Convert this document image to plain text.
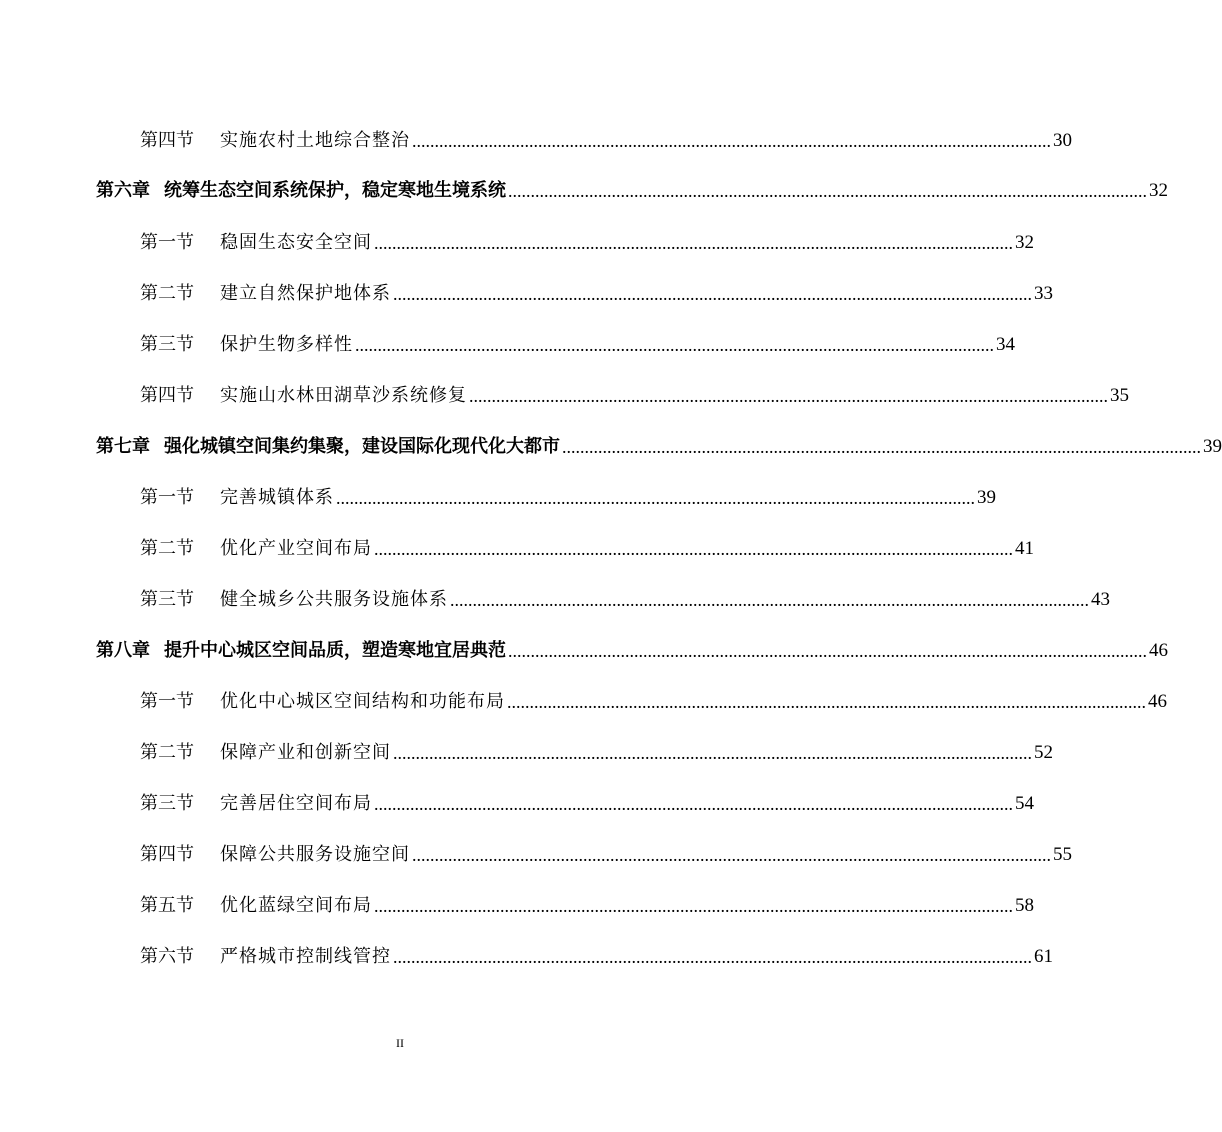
第四节 实施农村土地综合整治 .............................................................................................................................................. 30
第六章 统筹生态空间系统保护，稳定寒地生境系统 .............................................................................................................................................. 32
第一节 稳固生态安全空间 .............................................................................................................................................. 32
第二节 建立自然保护地体系 .............................................................................................................................................. 33
第三节 保护生物多样性 .............................................................................................................................................. 34
第四节 实施山水林田湖草沙系统修复 .............................................................................................................................................. 35
第七章 强化城镇空间集约集聚，建设国际化现代化大都市 .............................................................................................................................................. 39
第一节 完善城镇体系 .............................................................................................................................................. 39
第二节 优化产业空间布局 .............................................................................................................................................. 41
第三节 健全城乡公共服务设施体系 .............................................................................................................................................. 43
第八章 提升中心城区空间品质，塑造寒地宜居典范 .............................................................................................................................................. 46
第一节 优化中心城区空间结构和功能布局 .............................................................................................................................................. 46
第二节 保障产业和创新空间 .............................................................................................................................................. 52
第三节 完善居住空间布局 .............................................................................................................................................. 54
第四节 保障公共服务设施空间 .............................................................................................................................................. 55
第五节 优化蓝绿空间布局 .............................................................................................................................................. 58
第六节 严格城市控制线管控 .............................................................................................................................................. 61
II
